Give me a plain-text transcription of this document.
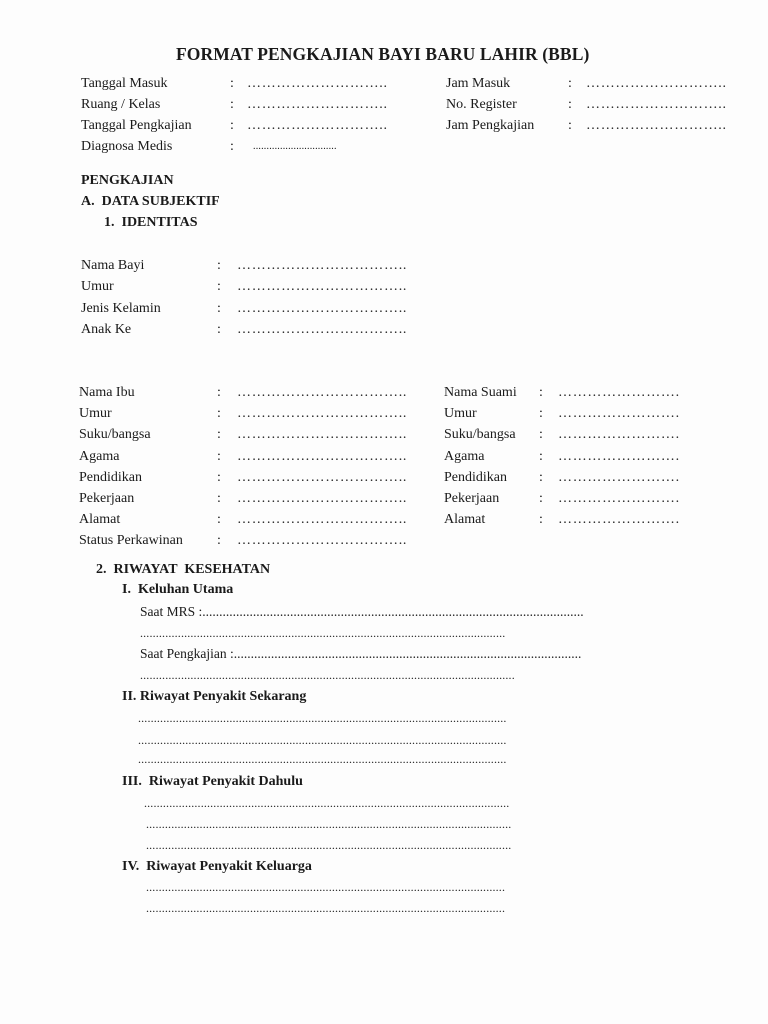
FORMAT PENGKAJIAN BAYI BARU LAHIR (BBL)
Tanggal Masuk	: ………………………..
Ruang / Kelas	: ………………………..
Tanggal Pengkajian	: ………………………..
Diagnosa Medis	: ...............................
Jam Masuk	: ………………………..
No. Register	: ………………………..
Jam Pengkajian : ………………………..
PENGKAJIAN
A.  DATA SUBJEKTIF
1.  IDENTITAS
Nama Bayi	: ……………………………..
Umur	: ……………………………..
Jenis Kelamin	: ……………………………..
Anak Ke	: ……………………………..
Nama Ibu	: ……………………………..
Umur	: ……………………………..
Suku/bangsa	: ……………………………..
Agama	: ……………………………..
Pendidikan	: ……………………………..
Pekerjaan	: ……………………………..
Alamat	: ……………………………..
Status Perkawinan : ……………………………..
Nama Suami : …………………….
Umur	: …………………….
Suku/bangsa : …………………….
Agama	: …………………….
Pendidikan : …………………….
Pekerjaan	: …………………….
Alamat	: …………………….
2.  RIWAYAT  KESEHATAN
I.  Keluhan Utama
Saat MRS :.................................................................................................................
....................................................................................................................
Saat Pengkajian :.......................................................................................................
.......................................................................................................................
II. Riwayat Penyakit Sekarang
.....................................................................................................................
.....................................................................................................................
.....................................................................................................................
III.  Riwayat Penyakit Dahulu
....................................................................................................................
....................................................................................................................
....................................................................................................................
IV.  Riwayat Penyakit Keluarga
..................................................................................................................
..................................................................................................................
